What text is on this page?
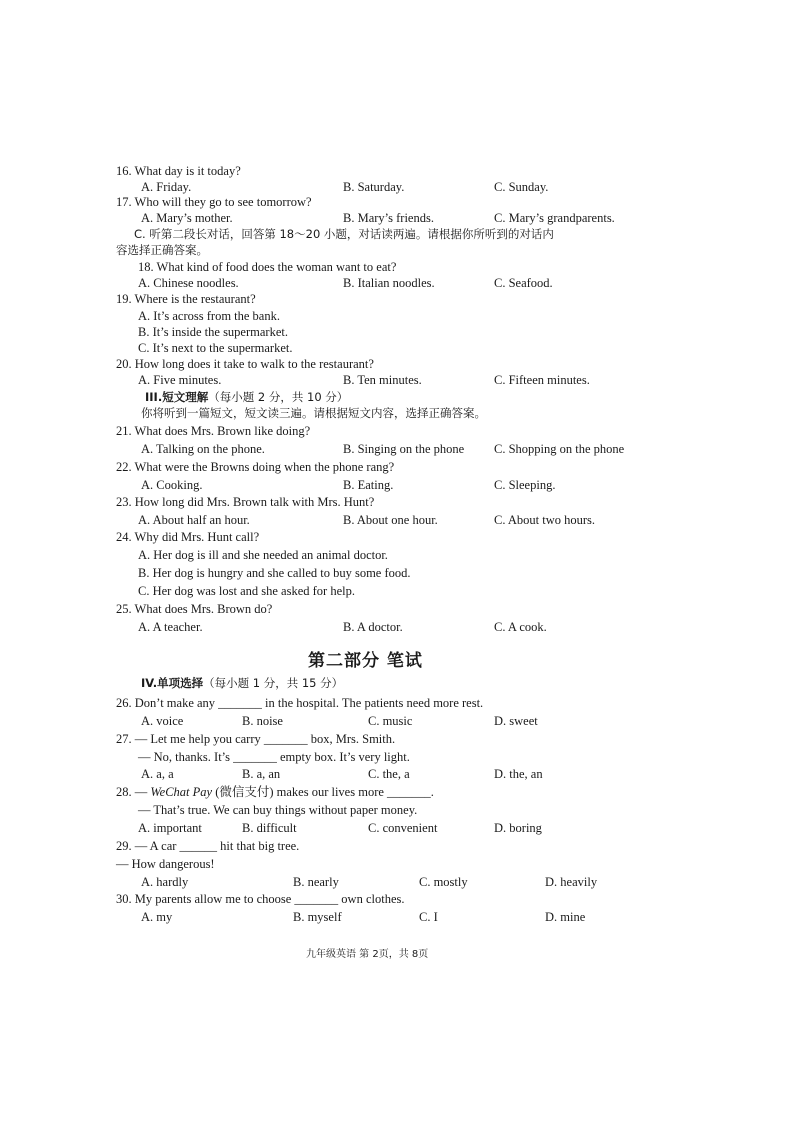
16. What day is it today?
A. Friday.	B. Saturday.	C. Sunday.
17. Who will they go to see tomorrow?
A. Mary’s mother.	B. Mary’s friends.	C. Mary’s grandparents.
C. 听第二段长对话，回答第 18～20 小题，对话读两遍。请根据你所听到的对话内
容选择正确答案。
18. What kind of food does the woman want to eat?
A. Chinese noodles.	B. Italian noodles.	C. Seafood.
19. Where is the restaurant?
A. It’s across from the bank.
B. It’s inside the supermarket.
C. It’s next to the supermarket.
20. How long does it take to walk to the restaurant?
A. Five minutes.	B. Ten minutes.	C. Fifteen minutes.
III.短文理解（每小题 2 分，共 10 分）
你将听到一篇短文，短文读三遍。请根据短文内容，选择正确答案。
21. What does Mrs. Brown like doing?
A. Talking on the phone.	B. Singing on the phone C. Shopping on the phone
22. What were the Browns doing when the phone rang?
A. Cooking.	B. Eating.	C. Sleeping.
23. How long did Mrs. Brown talk with Mrs. Hunt?
A. About half an hour.	B. About one hour.	C. About two hours.
24. Why did Mrs. Hunt call?
A. Her dog is ill and she needed an animal doctor.
B. Her dog is hungry and she called to buy some food.
C. Her dog was lost and she asked for help.
25. What does Mrs. Brown do?
A. A teacher.	B. A doctor.	C. A cook.
第二部分 笔试
IV.单项选择（每小题 1 分，共 15 分）
26. Don’t make any _______ in the hospital. The patients need more rest.
A. voice	B. noise	C. music	D. sweet
27. — Let me help you carry _______ box, Mrs. Smith.
— No, thanks. It’s _______ empty box. It’s very light.
A. a, a	B. a, an	C. the, a	D. the, an
28. — WeChat Pay (微信支付) makes our lives more _______.
— That’s true. We can buy things without paper money.
A. important	B. difficult	C. convenient	D. boring
29. — A car ______ hit that big tree.
— How dangerous!
A. hardly	B. nearly	C. mostly	D. heavily
30. My parents allow me to choose _______ own clothes.
A. my	B. myself	C. I	D. mine
九年级英语 第 2页，共 8页
